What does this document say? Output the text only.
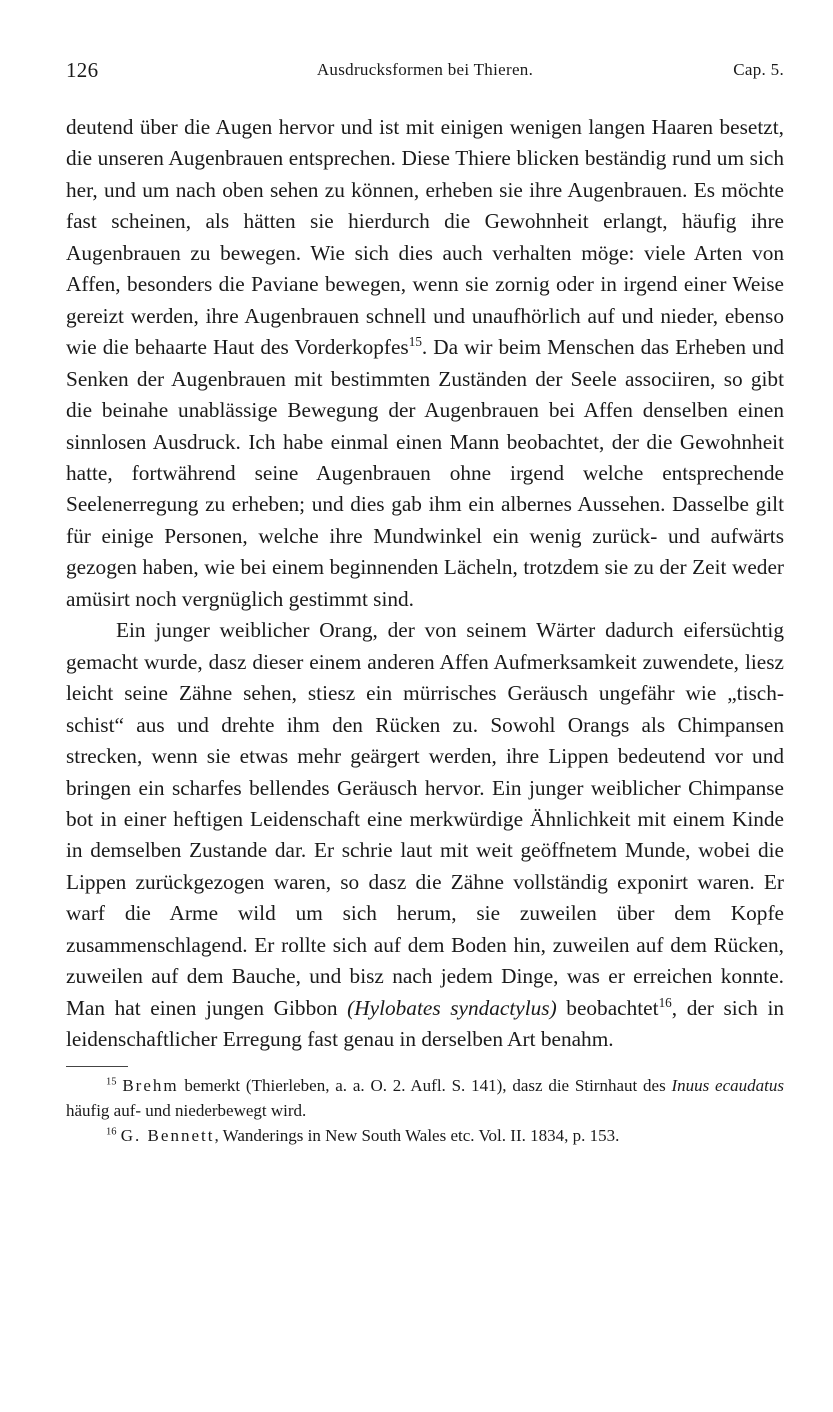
126	Ausdrucksformen bei Thieren.	Cap. 5.

deutend über die Augen hervor und ist mit einigen wenigen langen Haaren besetzt, die unseren Augenbrauen entsprechen. Diese Thiere blicken beständig rund um sich her, und um nach oben sehen zu können, erheben sie ihre Augenbrauen. Es möchte fast scheinen, als hätten sie hierdurch die Gewohnheit erlangt, häufig ihre Augenbrauen zu bewegen. Wie sich dies auch verhalten möge: viele Arten von Affen, besonders die Paviane bewegen, wenn sie zornig oder in irgend einer Weise gereizt werden, ihre Augenbrauen schnell und unaufhörlich auf und nieder, ebenso wie die behaarte Haut des Vorderkopfes$^{15}$. Da wir beim Menschen das Erheben und Senken der Augenbrauen mit bestimmten Zuständen der Seele associiren, so gibt die beinahe unablässige Bewegung der Augenbrauen bei Affen denselben einen sinnlosen Ausdruck. Ich habe einmal einen Mann beobachtet, der die Gewohnheit hatte, fortwährend seine Augenbrauen ohne irgend welche entsprechende Seelenerregung zu erheben; und dies gab ihm ein albernes Aussehen. Dasselbe gilt für einige Personen, welche ihre Mundwinkel ein wenig zurück- und aufwärts gezogen haben, wie bei einem beginnenden Lächeln, trotzdem sie zu der Zeit weder amüsirt noch vergnüglich gestimmt sind.

Ein junger weiblicher Orang, der von seinem Wärter dadurch eifersüchtig gemacht wurde, dasz dieser einem anderen Affen Aufmerksamkeit zuwendete, liesz leicht seine Zähne sehen, stiesz ein mürrisches Geräusch ungefähr wie „tisch-schist“ aus und drehte ihm den Rücken zu. Sowohl Orangs als Chimpansen strecken, wenn sie etwas mehr geärgert werden, ihre Lippen bedeutend vor und bringen ein scharfes bellendes Geräusch hervor. Ein junger weiblicher Chimpanse bot in einer heftigen Leidenschaft eine merkwürdige Ähnlichkeit mit einem Kinde in demselben Zustande dar. Er schrie laut mit weit geöffnetem Munde, wobei die Lippen zurückgezogen waren, so dasz die Zähne vollständig exponirt waren. Er warf die Arme wild um sich herum, sie zuweilen über dem Kopfe zusammenschlagend. Er rollte sich auf dem Boden hin, zuweilen auf dem Rücken, zuweilen auf dem Bauche, und bisz nach jedem Dinge, was er erreichen konnte. Man hat einen jungen Gibbon (Hylobates syndactylus) beobachtet$^{16}$, der sich in leidenschaftlicher Erregung fast genau in derselben Art benahm.

$^{15}$ Brehm bemerkt (Thierleben, a. a. O. 2. Aufl. S. 141), dasz die Stirnhaut des Inuus ecaudatus häufig auf- und niederbewegt wird.

$^{16}$ G. Bennett, Wanderings in New South Wales etc. Vol. II. 1834, p. 153.
